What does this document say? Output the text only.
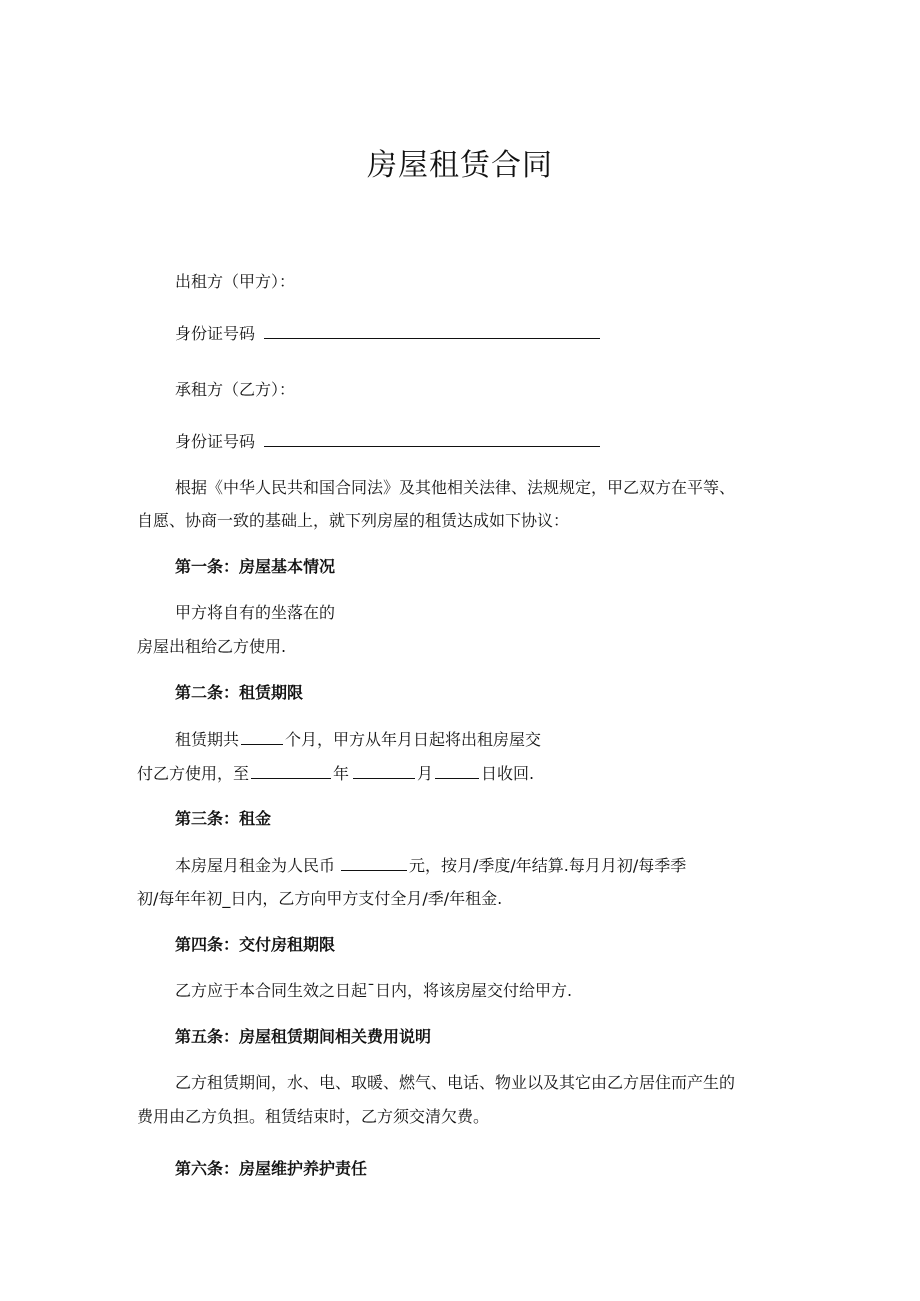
房屋租赁合同
出租方（甲方）：
身份证号码
承租方（乙方）：
身份证号码
根据《中华人民共和国合同法》及其他相关法律、法规规定，甲乙双方在平等、
自愿、协商一致的基础上，就下列房屋的租赁达成如下协议：
第一条：房屋基本情况
甲方将自有的坐落在的
房屋出租给乙方使用.
第二条：租赁期限
租赁期共	个月，甲方从年月日起将出租房屋交
付乙方使用，至	年	月	日收回.
第三条：租金
本房屋月租金为人民币	元，按月/季度/年结算.每月月初/每季季
初/每年年初_日内，乙方向甲方支付全月/季/年租金.
第四条：交付房租期限
乙方应于本合同生效之日起¯日内，将该房屋交付给甲方.
第五条：房屋租赁期间相关费用说明
乙方租赁期间，水、电、取暖、燃气、电话、物业以及其它由乙方居住而产生的
费用由乙方负担。租赁结束时，乙方须交清欠费。
第六条：房屋维护养护责任
